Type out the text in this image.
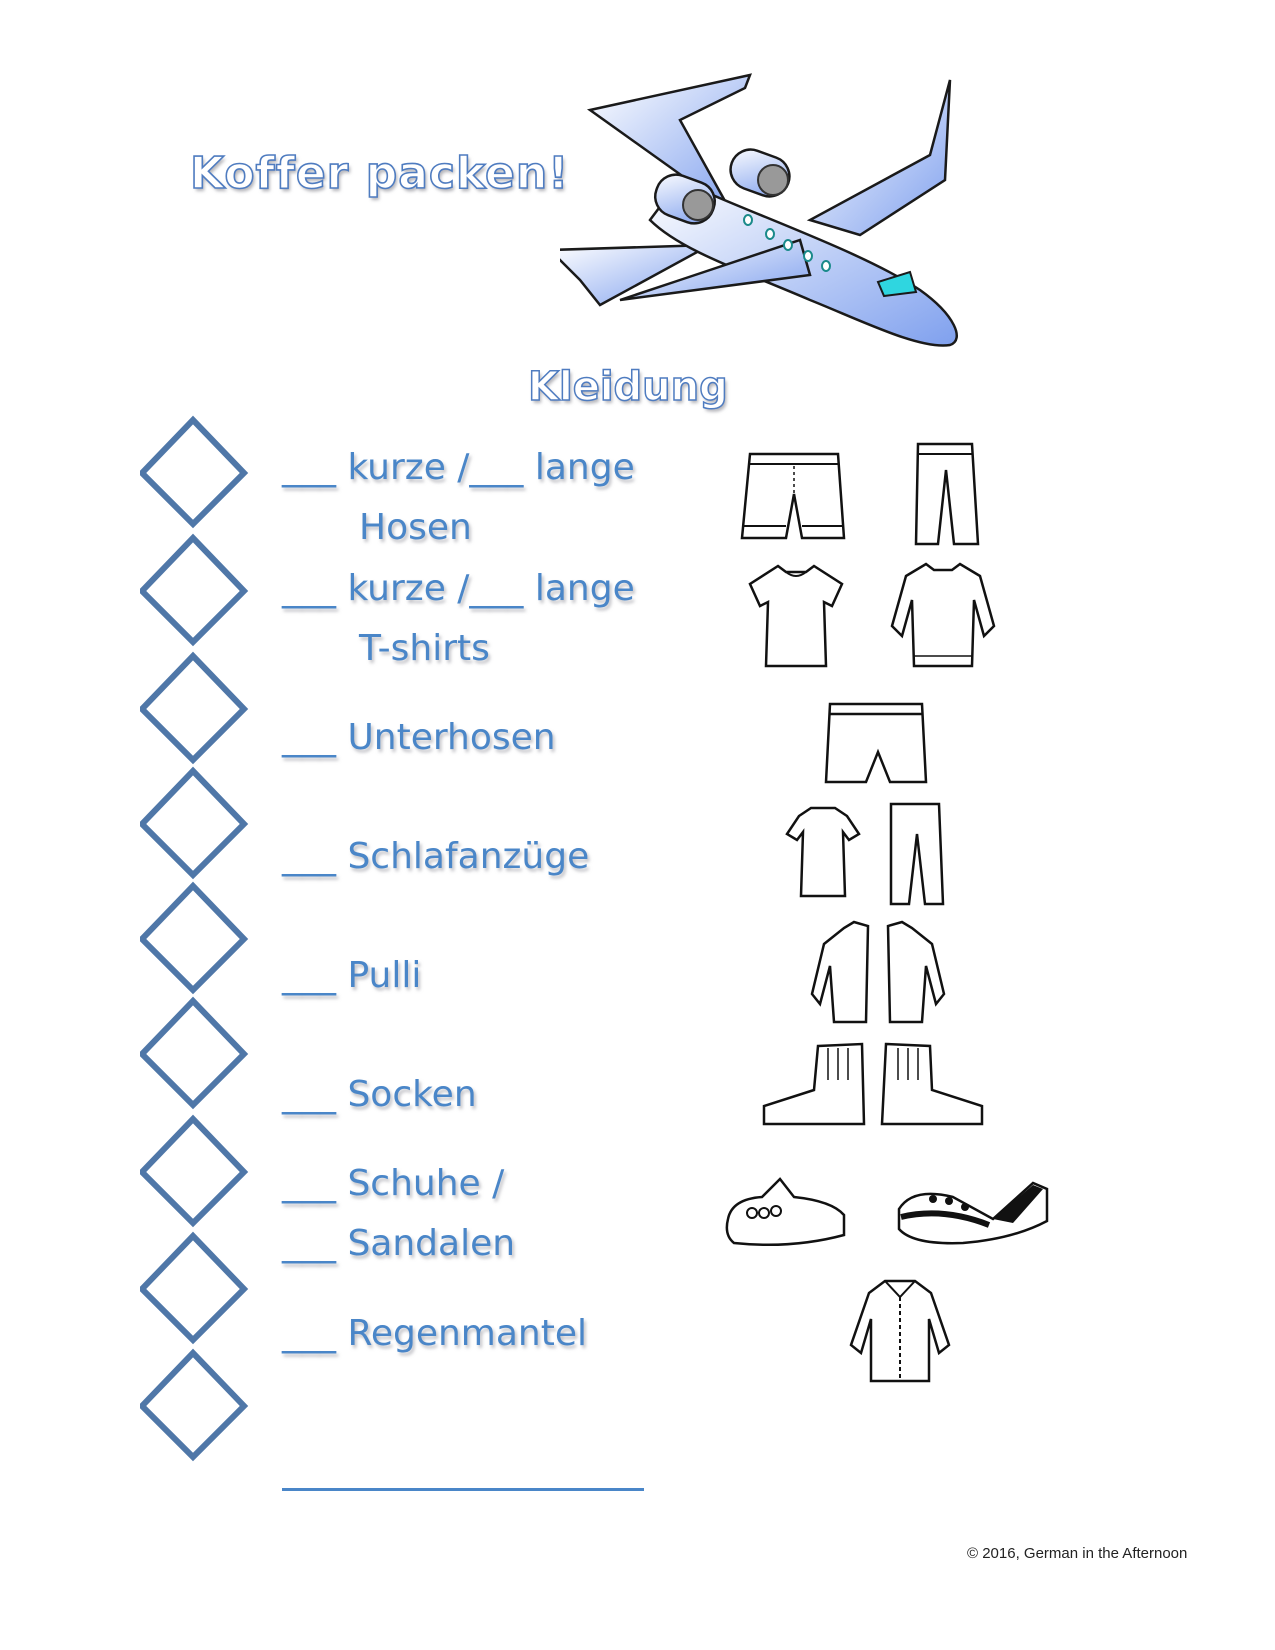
Koffer packen!
Kleidung
___ kurze /___ lange
Hosen
___ kurze /___ lange
T-shirts
___ Unterhosen
___ Schlafanzüge
___ Pulli
___ Socken
___ Schuhe /
___ Sandalen
___ Regenmantel
© 2016, German in the Afternoon
